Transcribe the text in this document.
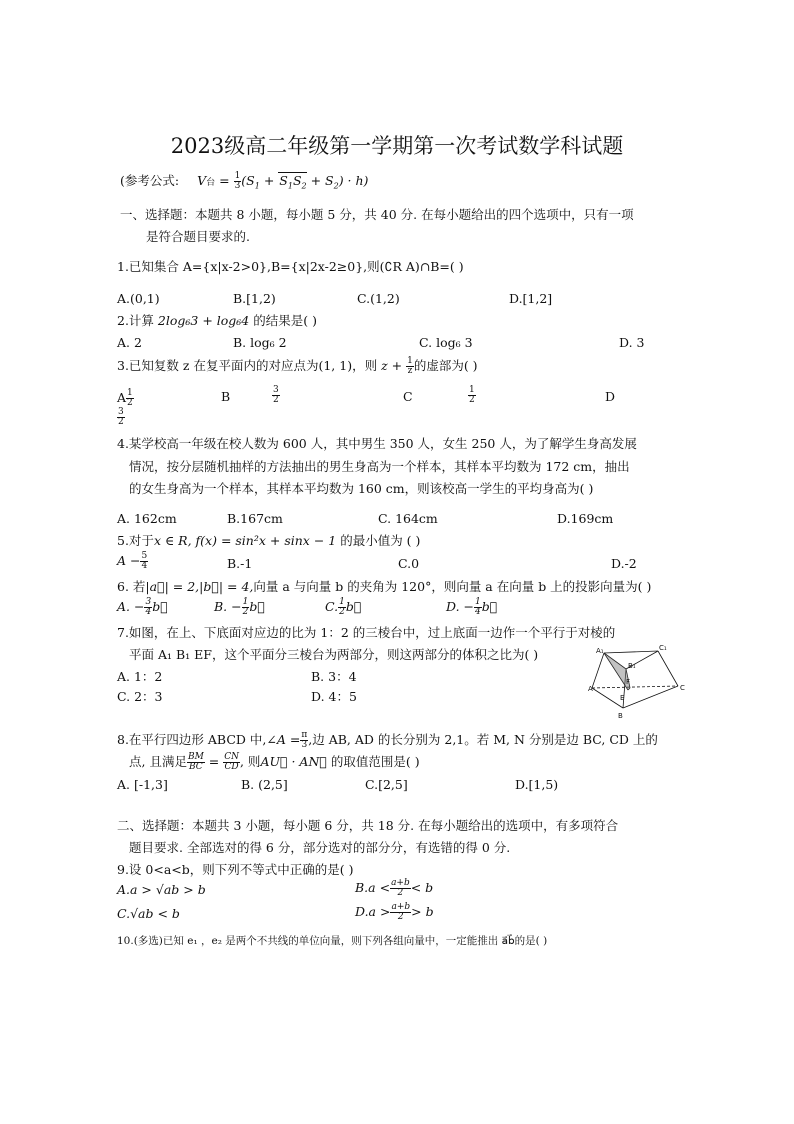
2023级高二年级第一学期第一次考试数学科试题
(参考公式: V台 = $\frac{1}{3} (S_1 + S_1S_2 + S_2) \cdot h$)
一、选择题：本题共 8 小题，每小题 5 分，共 40 分. 在每小题给出的四个选项中，只有一项
是符合题目要求的.
1.已知集合 A={x|x-2>0},B={x|2x-2≥0},则(∁R A)∩B=( )
A.(0,1)	B.[1,2)	C.(1,2)	D.[1,2]
2.计算 2log₆3 + log₆4 的结果是( )
A. 2	B. log₆ 2	C. log₆ 3	D. 3
3.已知复数 z 在复平面内的对应点为(1, 1)，则 $z + \frac{1}{z}$ 的虚部为( )
A $\frac{1}{2}$	B	$\frac{3}{2}$	C	$\frac{1}{2}$	D
$\frac{3}{2}$
4.某学校高一年级在校人数为 600 人，其中男生 350 人，女生 250 人，为了解学生身高发展
情况，按分层随机抽样的方法抽出的男生身高为一个样本，其样本平均数为 172 cm，抽出
的女生身高为一个样本，其样本平均数为 160 cm，则该校高一学生的平均身高为( )
A. 162cm	B.167cm	C. 164cm	D.169cm
5.对于x ∈ R, f(x) = sin²x + sinx − 1 的最小值为 ( )
$A - \frac{5}{4}$	B.-1	C.0	D.-2
6. 若|a⃗| = 2,|b⃗| = 4,向量 a 与向量 b 的夹角为 120°，则向量 a 在向量 b 上的投影向量为( )
A. − $\frac{3}{4}$ b⃗	B. − $\frac{1}{2}$ b⃗	C. $\frac{1}{2}$ b⃗	D. − $\frac{1}{4}$ b⃗
7.如图，在上、下底面对应边的比为 1：2 的三棱台中，过上底面一边作一个平行于对棱的
平面 A₁ B₁ EF，这个平面分三棱台为两部分，则这两部分的体积之比为( )
A. 1：2	B. 3：4
C. 2：3	D. 4：5
A₁	C₁
B₁
A
F
C
E
B
8.在平行四边形 ABCD 中,∠A = $\frac{\pi}{3}$ ,边 AB, AD 的长分别为 2,1。若 M, N 分别是边 BC, CD 上的
点, 且满足 $\frac{BM}{BC} = \frac{CN}{CD}$ , 则AU⃗ · AN⃗ 的取值范围是( )
A. [-1,3]	B. (2,5]	C.[2,5]	D.[1,5)
二、选择题：本题共 3 小题，每小题 6 分，共 18 分. 在每小题给出的选项中，有多项符合
题目要求. 全部选对的得 6 分，部分选对的部分分，有选错的得 0 分.
9.设 0<a<b，则下列不等式中正确的是( )
A.a > √ab > b	$B.a < \frac{a+b}{2} < b$
C.√ab < b	$D.a > \frac{a+b}{2} > b$
10.(多选)已知 e₁ ，e₂ 是两个不共线的单位向量，则下列各组向量中，一定能推出 a⃗b⃗的是( )
